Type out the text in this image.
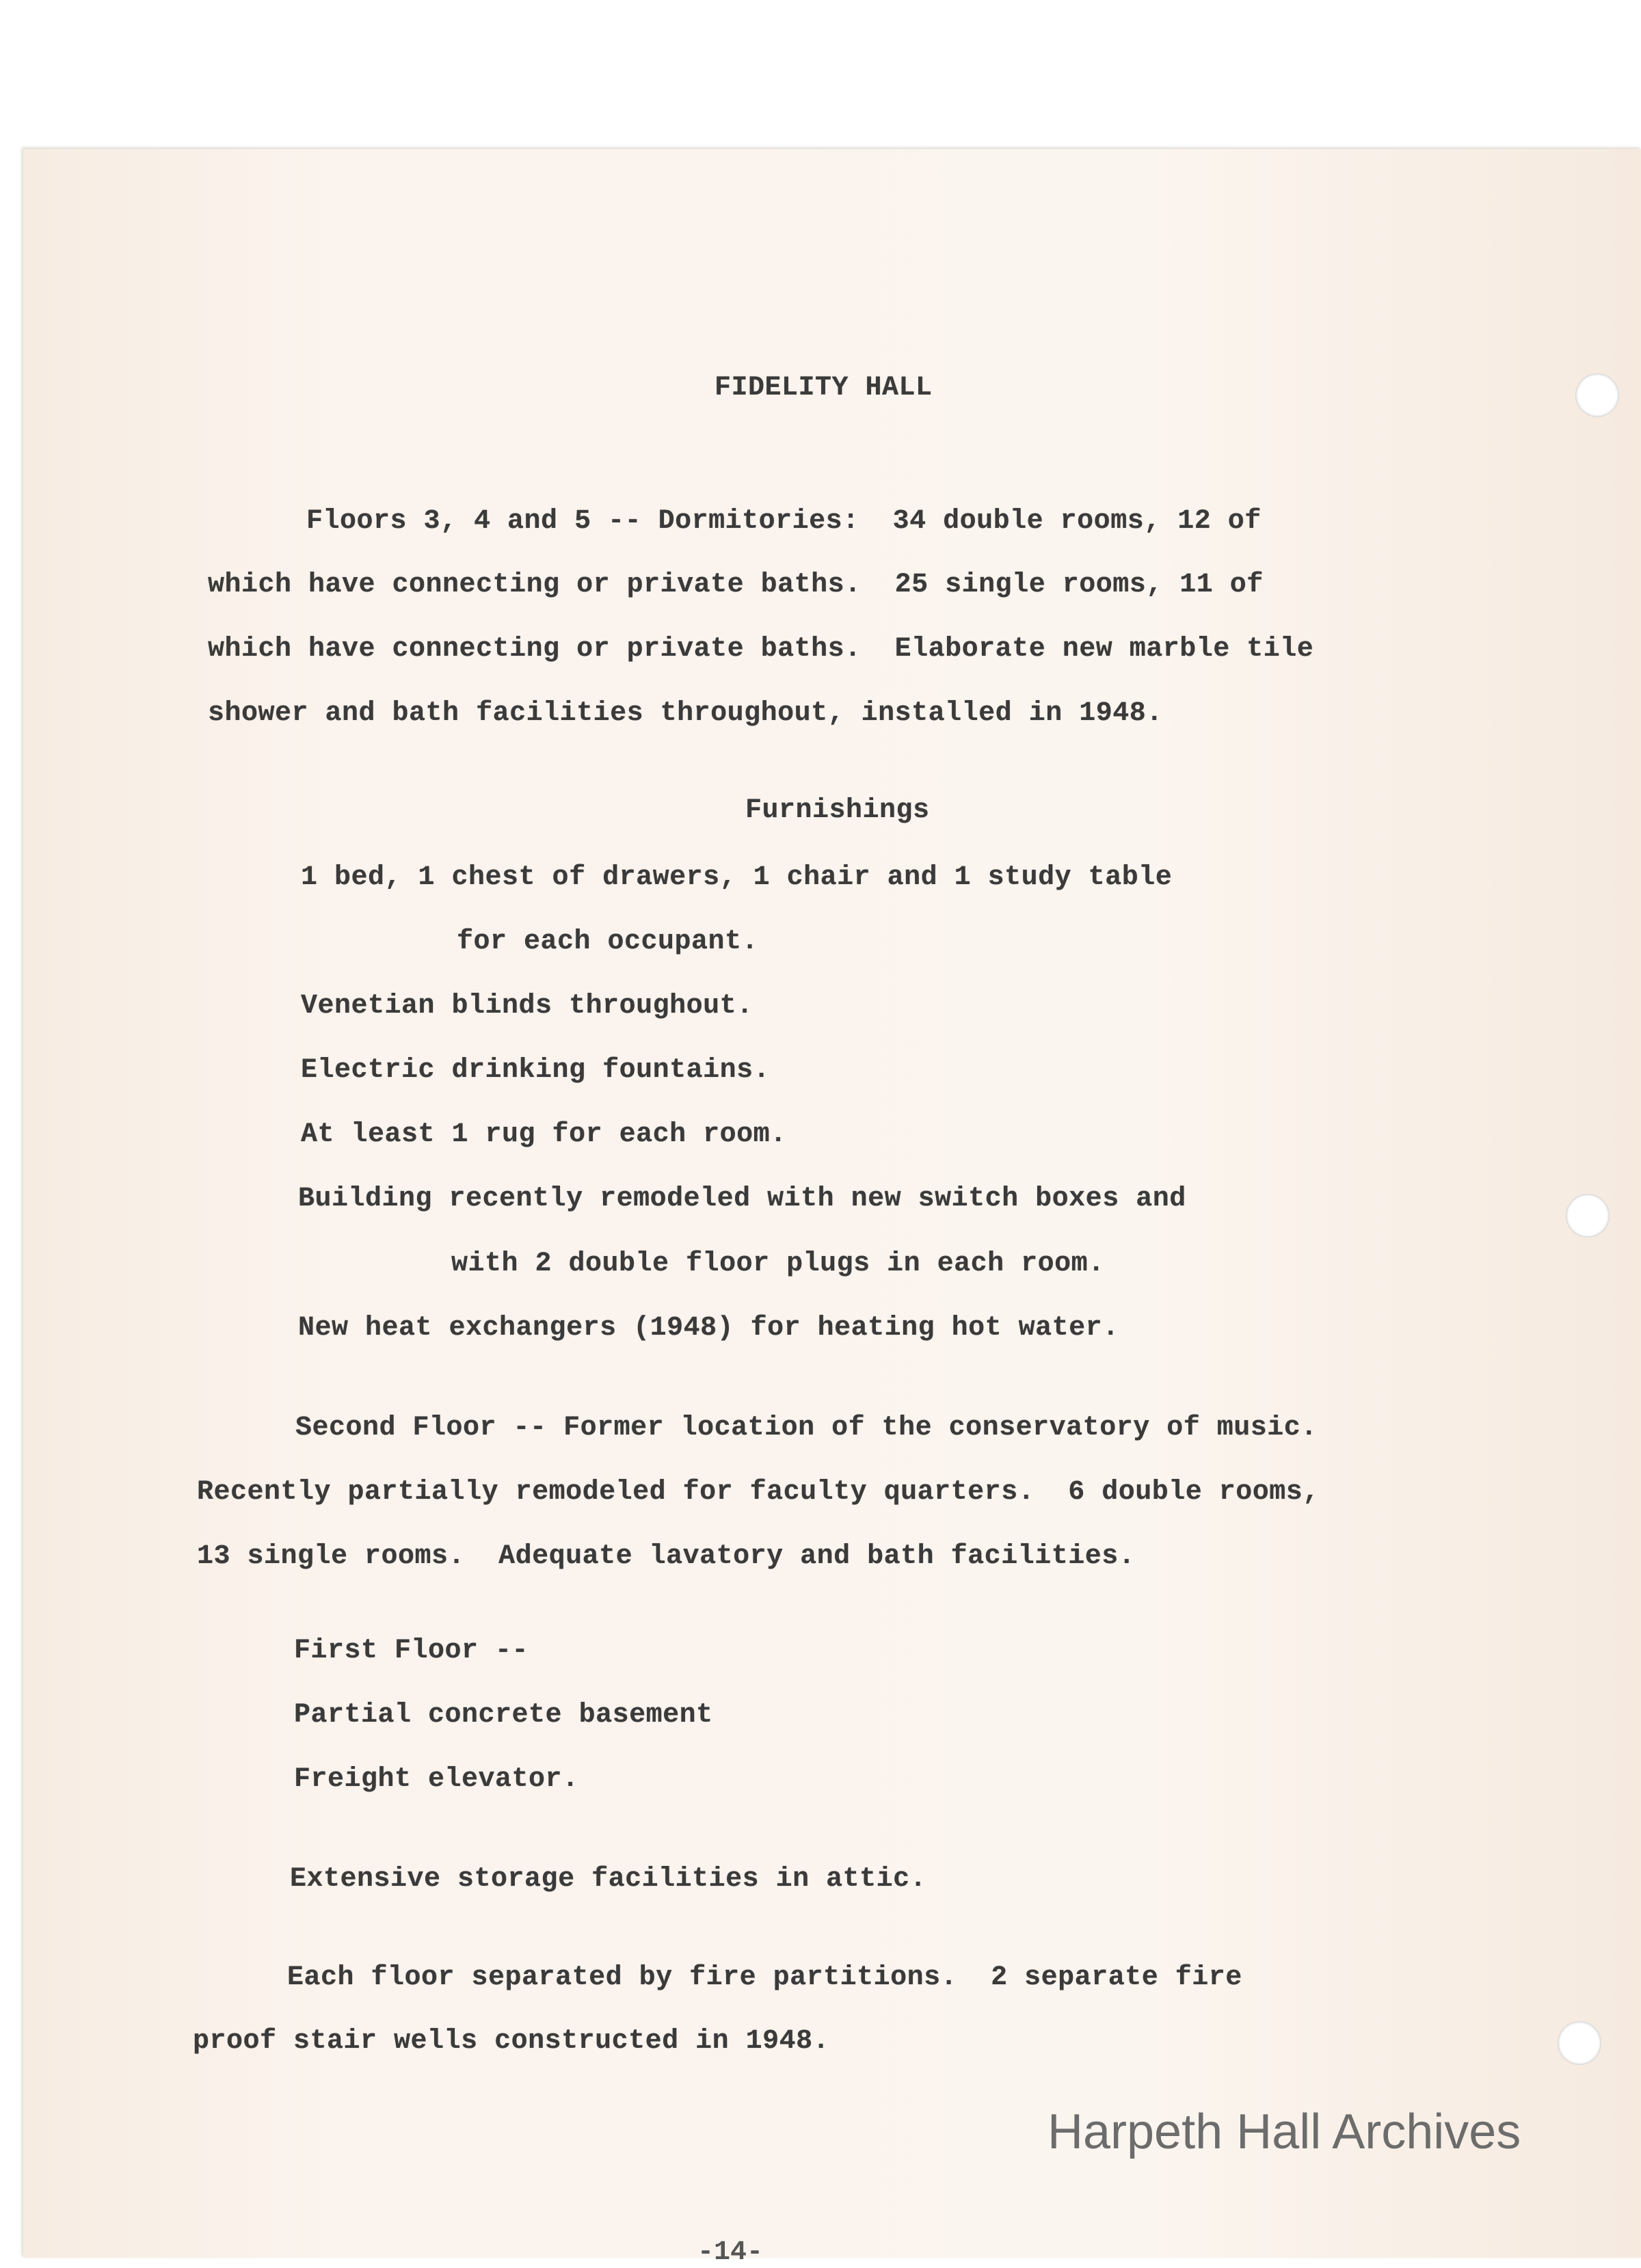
FIDELITY HALL

Floors 3, 4 and 5 -- Dormitories:  34 double rooms, 12 of

which have connecting or private baths.  25 single rooms, 11 of

which have connecting or private baths.  Elaborate new marble tile

shower and bath facilities throughout, installed in 1948.

Furnishings

1 bed, 1 chest of drawers, 1 chair and 1 study table

for each occupant.

Venetian blinds throughout.

Electric drinking fountains.

At least 1 rug for each room.

Building recently remodeled with new switch boxes and

with 2 double floor plugs in each room.

New heat exchangers (1948) for heating hot water.

Second Floor -- Former location of the conservatory of music.

Recently partially remodeled for faculty quarters.  6 double rooms,

13 single rooms.  Adequate lavatory and bath facilities.

First Floor --

Partial concrete basement

Freight elevator.

Extensive storage facilities in attic.

Each floor separated by fire partitions.  2 separate fire

proof stair wells constructed in 1948.

Harpeth Hall Archives

-14-
